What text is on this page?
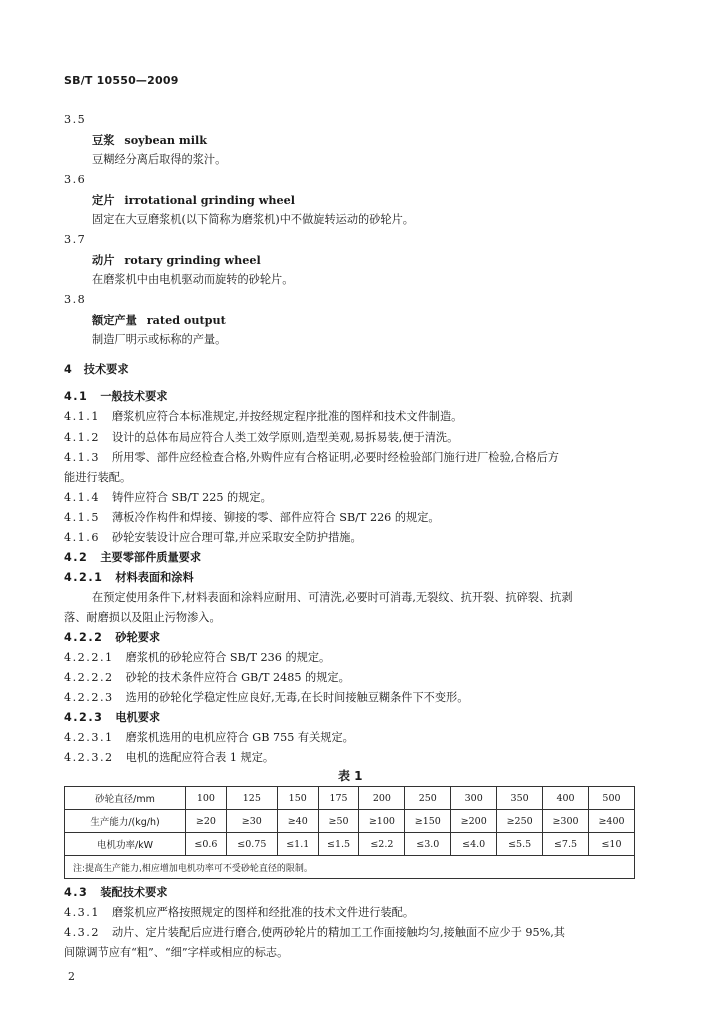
SB/T 10550—2009
3.5
豆浆 soybean milk
豆糊经分离后取得的浆汁。
3.6
定片 irrotational grinding wheel
固定在大豆磨浆机(以下简称为磨浆机)中不做旋转运动的砂轮片。
3.7
动片 rotary grinding wheel
在磨浆机中由电机驱动而旋转的砂轮片。
3.8
额定产量 rated output
制造厂明示或标称的产量。
4 技术要求
4.1 一般技术要求
4.1.1 磨浆机应符合本标准规定,并按经规定程序批准的图样和技术文件制造。
4.1.2 设计的总体布局应符合人类工效学原则,造型美观,易拆易装,便于清洗。
4.1.3 所用零、部件应经检查合格,外购件应有合格证明,必要时经检验部门施行进厂检验,合格后方
能进行装配。
4.1.4 铸件应符合 SB/T 225 的规定。
4.1.5 薄板冷作构件和焊接、铆接的零、部件应符合 SB/T 226 的规定。
4.1.6 砂轮安装设计应合理可靠,并应采取安全防护措施。
4.2 主要零部件质量要求
4.2.1 材料表面和涂料
在预定使用条件下,材料表面和涂料应耐用、可清洗,必要时可消毒,无裂纹、抗开裂、抗碎裂、抗剥
落、耐磨损以及阻止污物渗入。
4.2.2 砂轮要求
4.2.2.1 磨浆机的砂轮应符合 SB/T 236 的规定。
4.2.2.2 砂轮的技术条件应符合 GB/T 2485 的规定。
4.2.2.3 选用的砂轮化学稳定性应良好,无毒,在长时间接触豆糊条件下不变形。
4.2.3 电机要求
4.2.3.1 磨浆机选用的电机应符合 GB 755 有关规定。
4.2.3.2 电机的选配应符合表 1 规定。
表 1
砂轮直径/mm	100	125	150	175	200	250	300	350	400	500
生产能力/(kg/h)	≥20	≥30	≥40	≥50	≥100	≥150	≥200	≥250	≥300	≥400
电机功率/kW	≤0.6	≤0.75	≤1.1	≤1.5	≤2.2	≤3.0	≤4.0	≤5.5	≤7.5	≤10
注:提高生产能力,相应增加电机功率可不受砂轮直径的限制。										
4.3 装配技术要求
4.3.1 磨浆机应严格按照规定的图样和经批准的技术文件进行装配。
4.3.2 动片、定片装配后应进行磨合,使两砂轮片的精加工工作面接触均匀,接触面不应少于 95%,其
间隙调节应有“粗”、“细”字样或相应的标志。
2
